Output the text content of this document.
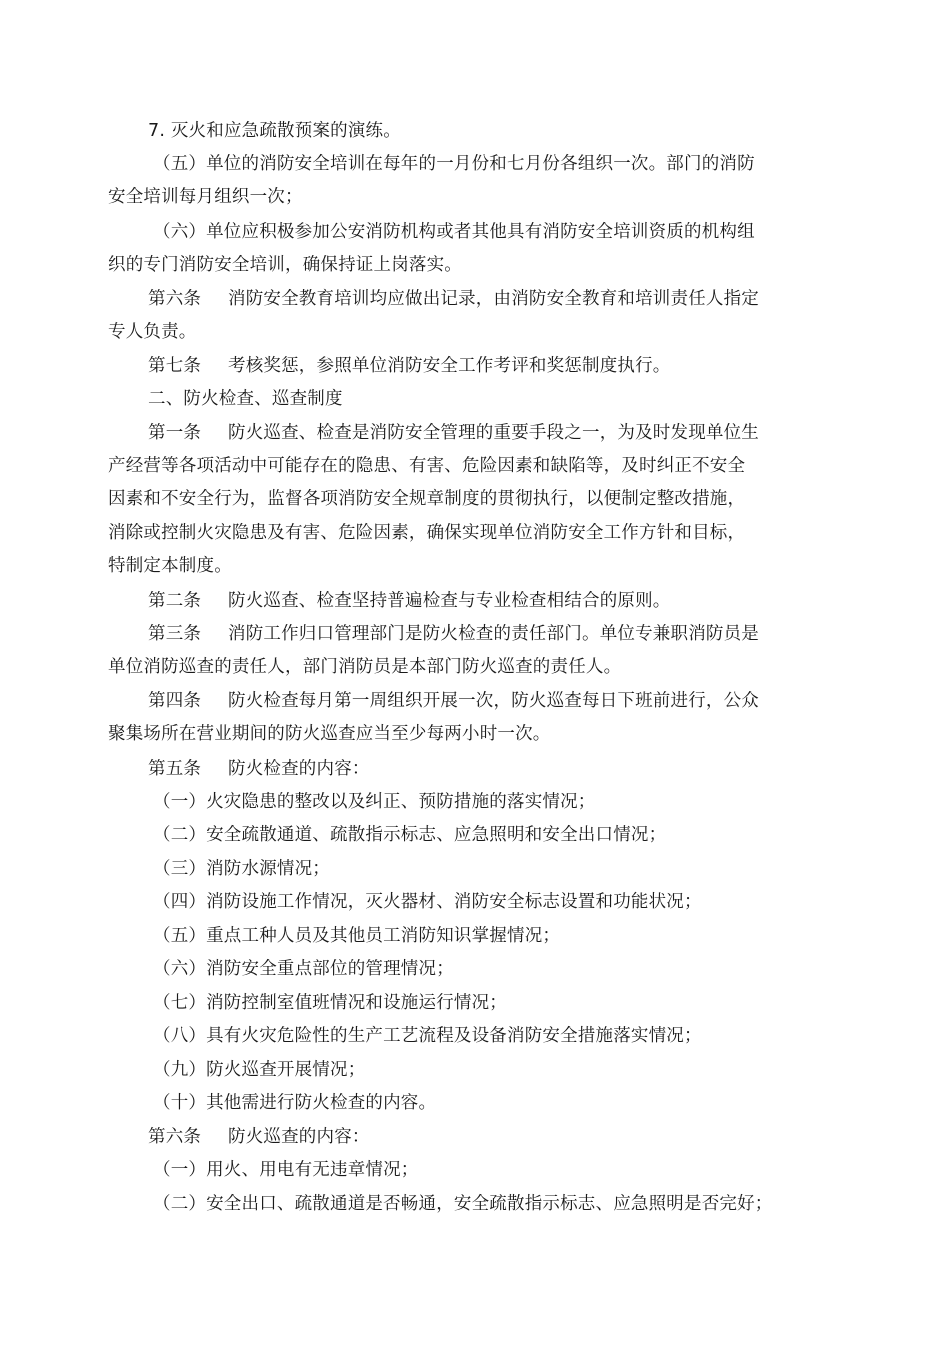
7. 灭火和应急疏散预案的演练。
（五）单位的消防安全培训在每年的一月份和七月份各组织一次。部门的消防
安全培训每月组织一次；
（六）单位应积极参加公安消防机构或者其他具有消防安全培训资质的机构组
织的专门消防安全培训，确保持证上岗落实。
第六条 消防安全教育培训均应做出记录，由消防安全教育和培训责任人指定
专人负责。
第七条 考核奖惩，参照单位消防安全工作考评和奖惩制度执行。
二、防火检查、巡查制度
第一条 防火巡查、检查是消防安全管理的重要手段之一，为及时发现单位生
产经营等各项活动中可能存在的隐患、有害、危险因素和缺陷等，及时纠正不安全
因素和不安全行为，监督各项消防安全规章制度的贯彻执行，以便制定整改措施，
消除或控制火灾隐患及有害、危险因素，确保实现单位消防安全工作方针和目标，
特制定本制度。
第二条 防火巡查、检查坚持普遍检查与专业检查相结合的原则。
第三条 消防工作归口管理部门是防火检查的责任部门。单位专兼职消防员是
单位消防巡查的责任人，部门消防员是本部门防火巡查的责任人。
第四条 防火检查每月第一周组织开展一次，防火巡查每日下班前进行，公众
聚集场所在营业期间的防火巡查应当至少每两小时一次。
第五条 防火检查的内容：
（一）火灾隐患的整改以及纠正、预防措施的落实情况；
（二）安全疏散通道、疏散指示标志、应急照明和安全出口情况；
（三）消防水源情况；
（四）消防设施工作情况，灭火器材、消防安全标志设置和功能状况；
（五）重点工种人员及其他员工消防知识掌握情况；
（六）消防安全重点部位的管理情况；
（七）消防控制室值班情况和设施运行情况；
（八）具有火灾危险性的生产工艺流程及设备消防安全措施落实情况；
（九）防火巡查开展情况；
（十）其他需进行防火检查的内容。
第六条 防火巡查的内容：
（一）用火、用电有无违章情况；
（二）安全出口、疏散通道是否畅通，安全疏散指示标志、应急照明是否完好；
